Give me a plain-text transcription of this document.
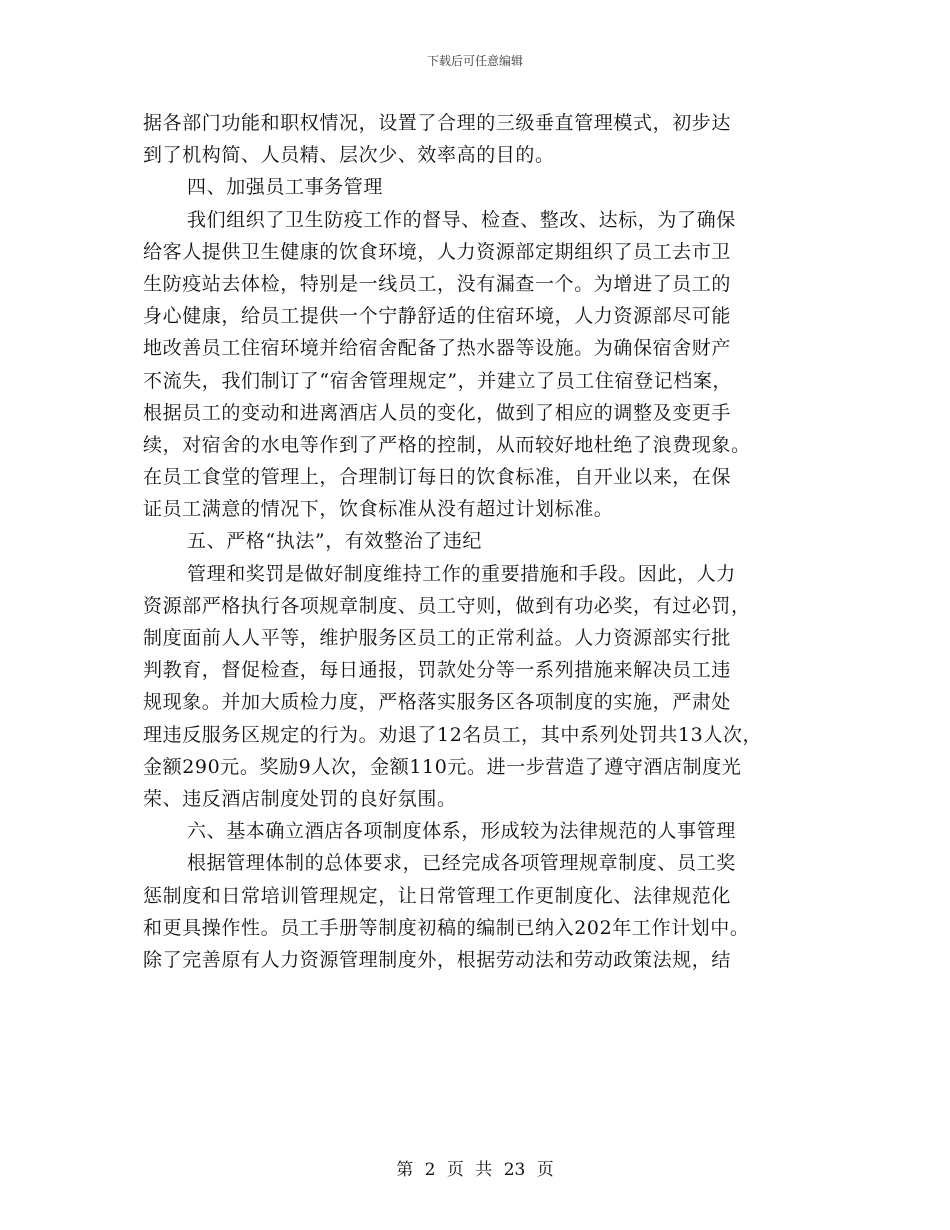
下载后可任意编辑
据各部门功能和职权情况，设置了合理的三级垂直管理模式，初步达
到了机构简、人员精、层次少、效率高的目的。
四、加强员工事务管理
我们组织了卫生防疫工作的督导、检查、整改、达标，为了确保
给客人提供卫生健康的饮食环境，人力资源部定期组织了员工去市卫
生防疫站去体检，特别是一线员工，没有漏查一个。为增进了员工的
身心健康，给员工提供一个宁静舒适的住宿环境，人力资源部尽可能
地改善员工住宿环境并给宿舍配备了热水器等设施。为确保宿舍财产
不流失，我们制订了“宿舍管理规定”，并建立了员工住宿登记档案，
根据员工的变动和进离酒店人员的变化，做到了相应的调整及变更手
续，对宿舍的水电等作到了严格的控制，从而较好地杜绝了浪费现象。
在员工食堂的管理上，合理制订每日的饮食标准，自开业以来，在保
证员工满意的情况下，饮食标准从没有超过计划标准。
五、严格“执法”，有效整治了违纪
管理和奖罚是做好制度维持工作的重要措施和手段。因此，人力
资源部严格执行各项规章制度、员工守则，做到有功必奖，有过必罚，
制度面前人人平等，维护服务区员工的正常利益。人力资源部实行批
判教育，督促检查，每日通报，罚款处分等一系列措施来解决员工违
规现象。并加大质检力度，严格落实服务区各项制度的实施，严肃处
理违反服务区规定的行为。劝退了12名员工，其中系列处罚共13人次，
金额290元。奖励9人次，金额110元。进一步营造了遵守酒店制度光
荣、违反酒店制度处罚的良好氛围。
六、基本确立酒店各项制度体系，形成较为法律规范的人事管理
根据管理体制的总体要求，已经完成各项管理规章制度、员工奖
惩制度和日常培训管理规定，让日常管理工作更制度化、法律规范化
和更具操作性。员工手册等制度初稿的编制已纳入202年工作计划中。
除了完善原有人力资源管理制度外，根据劳动法和劳动政策法规，结
第 2 页 共 23 页
